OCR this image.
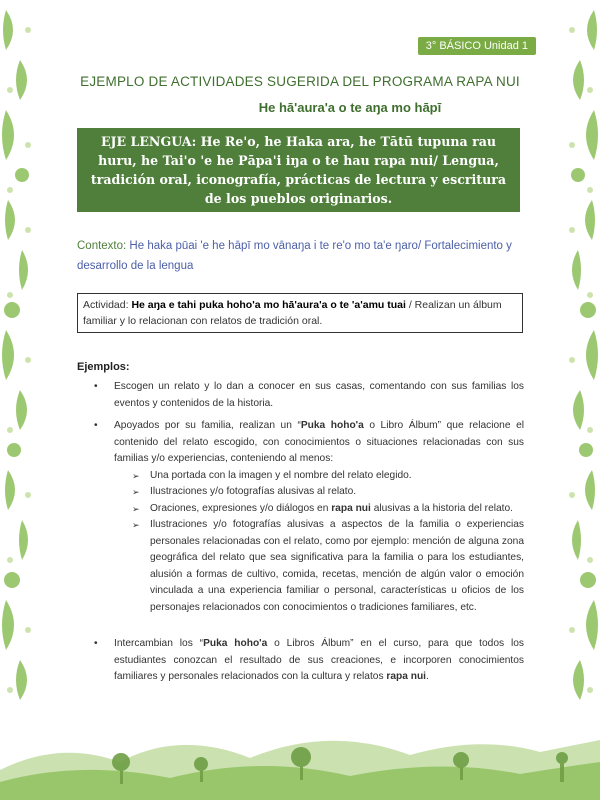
3° BÁSICO Unidad 1
EJEMPLO DE ACTIVIDADES SUGERIDA DEL PROGRAMA RAPA NUI
He hā'aura'a o te aŋa mo hāpī
EJE LENGUA: He Re'o, he Haka ara, he Tātū tupuna rau huru, he Tai'o 'e he Pāpa'i iŋa o te hau rapa nui/ Lengua, tradición oral, iconografía, prácticas de lectura y escritura de los pueblos originarios.
Contexto: He haka pūai 'e he hāpī mo vānaŋa i te re'o mo ta'e ŋaro/ Fortalecimiento y desarrollo de la lengua
Actividad: He aŋa e tahi puka hoho'a mo hā'aura'a o te 'a'amu tuai / Realizan un álbum familiar y lo relacionan con relatos de tradición oral.
Ejemplos:
• Escogen un relato y lo dan a conocer en sus casas, comentando con sus familias los eventos y contenidos de la historia.
• Apoyados por su familia, realizan un “Puka hoho'a o Libro Álbum” que relacione el contenido del relato escogido, con conocimientos o situaciones relacionadas con sus familias y/o experiencias, conteniendo al menos:
➢ Una portada con la imagen y el nombre del relato elegido.
➢ Ilustraciones y/o fotografías alusivas al relato.
➢ Oraciones, expresiones y/o diálogos en rapa nui alusivas a la historia del relato.
➢ Ilustraciones y/o fotografías alusivas a aspectos de la familia o experiencias personales relacionadas con el relato, como por ejemplo: mención de alguna zona geográfica del relato que sea significativa para la familia o para los estudiantes, alusión a formas de cultivo, comida, recetas, mención de algún valor o emoción vinculada a una experiencia familiar o personal, características u oficios de los personajes relacionados con conocimientos o tradiciones familiares, etc.
• Intercambian los “Puka hoho'a o Libros Álbum” en el curso, para que todos los estudiantes conozcan el resultado de sus creaciones, e incorporen conocimientos familiares y personales relacionados con la cultura y relatos rapa nui.
